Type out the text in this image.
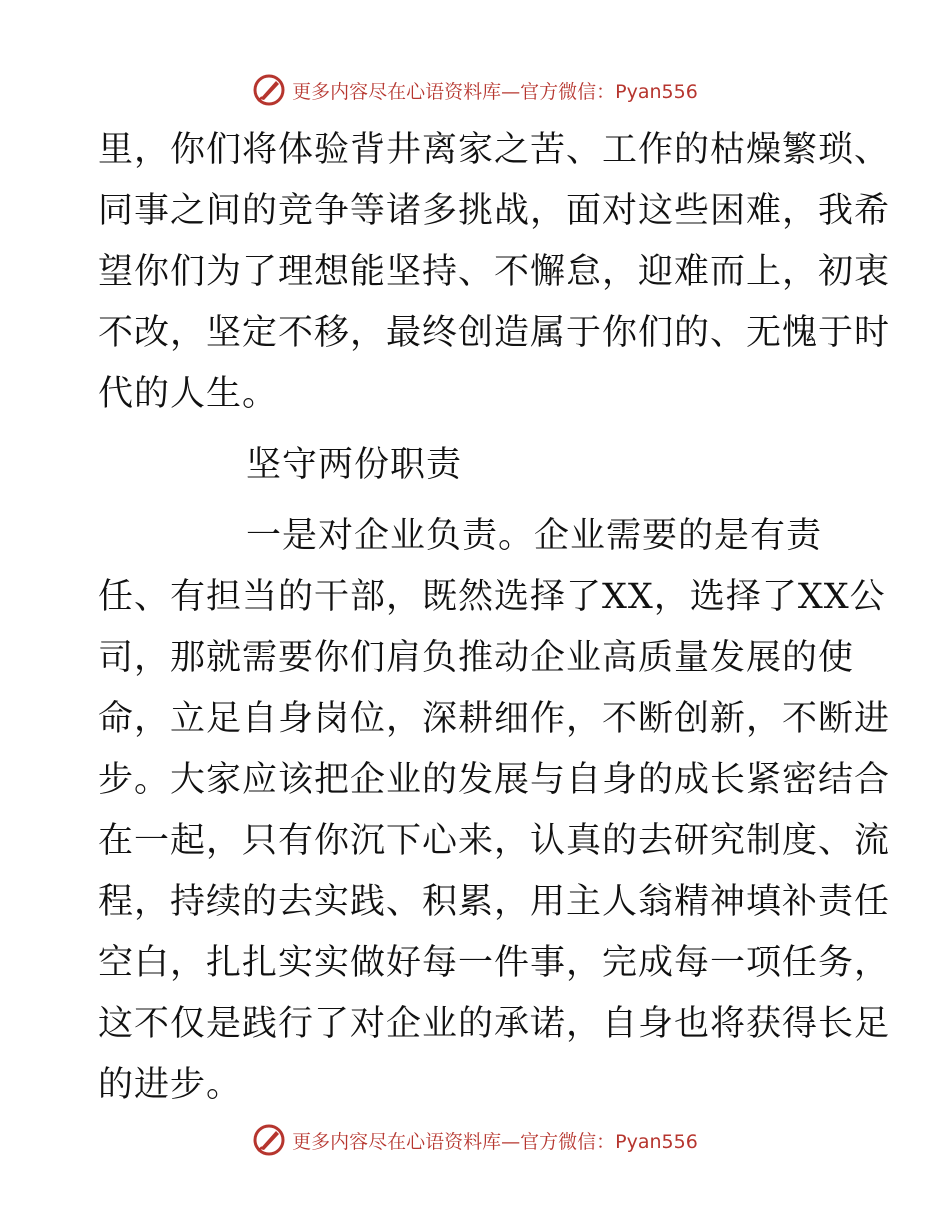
更多内容尽在心语资料库—官方微信：Pyan556
里，你们将体验背井离家之苦、工作的枯燥繁琐、
同事之间的竞争等诸多挑战，面对这些困难，我希
望你们为了理想能坚持、不懈怠，迎难而上，初衷
不改，坚定不移，最终创造属于你们的、无愧于时
代的人生。
坚守两份职责
一是对企业负责。企业需要的是有责
任、有担当的干部，既然选择了XX，选择了XX公
司，那就需要你们肩负推动企业高质量发展的使
命，立足自身岗位，深耕细作，不断创新，不断进
步。大家应该把企业的发展与自身的成长紧密结合
在一起，只有你沉下心来，认真的去研究制度、流
程，持续的去实践、积累，用主人翁精神填补责任
空白，扎扎实实做好每一件事，完成每一项任务，
这不仅是践行了对企业的承诺，自身也将获得长足
的进步。
更多内容尽在心语资料库—官方微信：Pyan556
